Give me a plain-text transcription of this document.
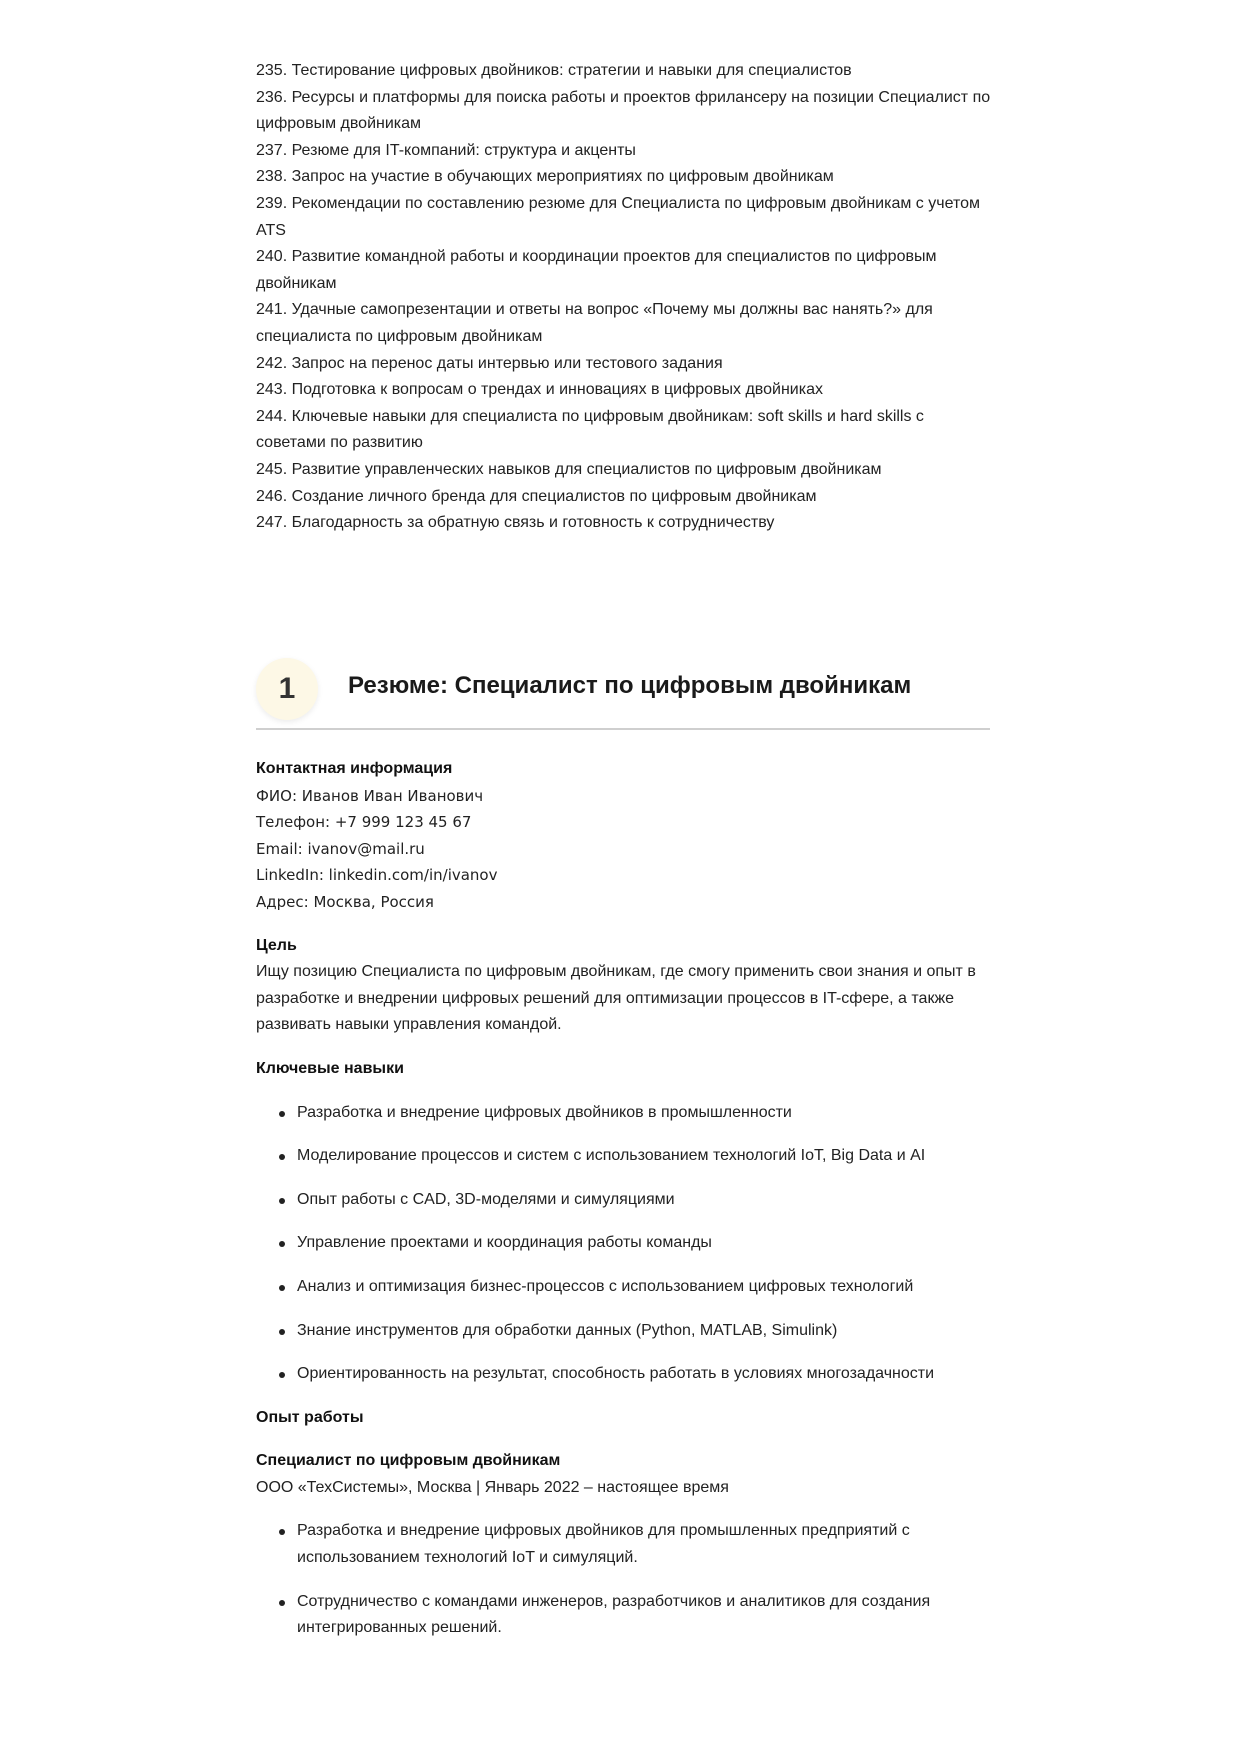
235. Тестирование цифровых двойников: стратегии и навыки для специалистов

236. Ресурсы и платформы для поиска работы и проектов фрилансеру на позиции Специалист по цифровым двойникам

237. Резюме для IT-компаний: структура и акценты

238. Запрос на участие в обучающих мероприятиях по цифровым двойникам

239. Рекомендации по составлению резюме для Специалиста по цифровым двойникам с учетом ATS

240. Развитие командной работы и координации проектов для специалистов по цифровым двойникам

241. Удачные самопрезентации и ответы на вопрос «Почему мы должны вас нанять?» для специалиста по цифровым двойникам

242. Запрос на перенос даты интервью или тестового задания

243. Подготовка к вопросам о трендах и инновациях в цифровых двойниках

244. Ключевые навыки для специалиста по цифровым двойникам: soft skills и hard skills с советами по развитию

245. Развитие управленческих навыков для специалистов по цифровым двойникам

246. Создание личного бренда для специалистов по цифровым двойникам

247. Благодарность за обратную связь и готовность к сотрудничеству

1	Резюме: Специалист по цифровым двойникам

Контактная информация

ФИО: Иванов Иван Иванович

Телефон: +7 999 123 45 67

Email: ivanov@mail.ru

LinkedIn: linkedin.com/in/ivanov

Адрес: Москва, Россия

Цель

Ищу позицию Специалиста по цифровым двойникам, где смогу применить свои знания и опыт в разработке и внедрении цифровых решений для оптимизации процессов в IT-сфере, а также развивать навыки управления командой.

Ключевые навыки

Разработка и внедрение цифровых двойников в промышленности
Моделирование процессов и систем с использованием технологий IoT, Big Data и AI
Опыт работы с CAD, 3D-моделями и симуляциями
Управление проектами и координация работы команды
Анализ и оптимизация бизнес-процессов с использованием цифровых технологий
Знание инструментов для обработки данных (Python, MATLAB, Simulink)
Ориентированность на результат, способность работать в условиях многозадачности

Опыт работы

Специалист по цифровым двойникам

ООО «ТехСистемы», Москва | Январь 2022 – настоящее время

Разработка и внедрение цифровых двойников для промышленных предприятий с использованием технологий IoT и симуляций.
Сотрудничество с командами инженеров, разработчиков и аналитиков для создания интегрированных решений.
